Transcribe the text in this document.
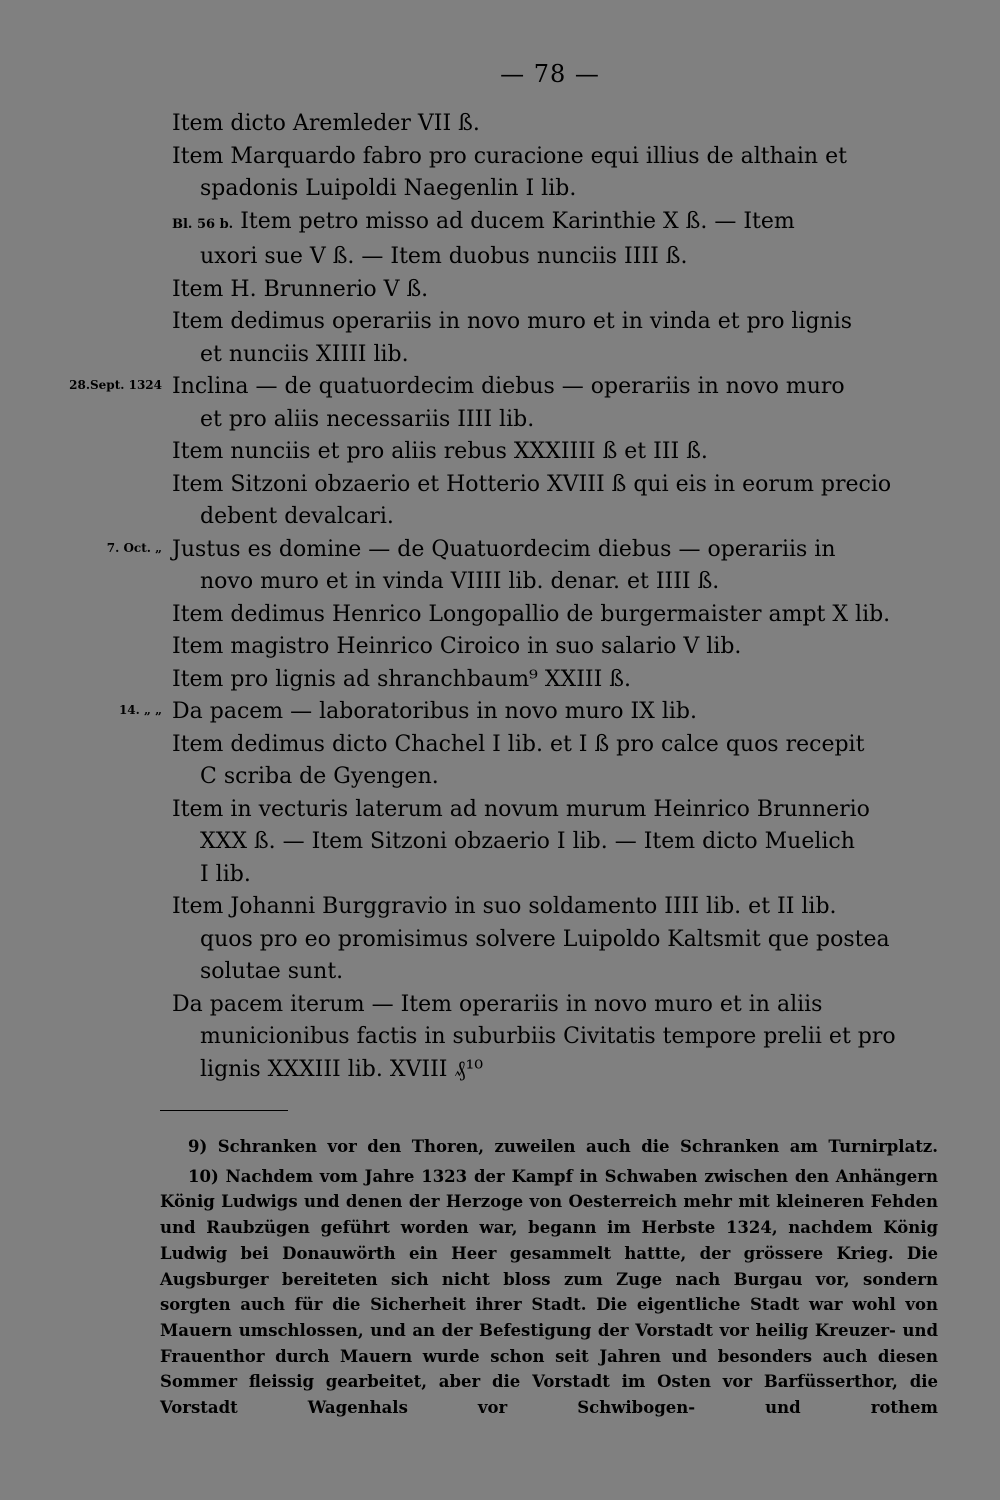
— 78 —

Item dicto Aremleder VII ß.

Item Marquardo fabro pro curacione equi illius de althain et
spadonis Luipoldi Naegenlin I lib.

Bl. 56 b. Item petro misso ad ducem Karinthie X ß. — Item
uxori sue V ß. — Item duobus nunciis IIII ß.

Item H. Brunnerio V ß.

Item dedimus operariis in novo muro et in vinda et pro lignis
et nunciis XIIII lib.

28.Sept. 1324 Inclina — de quatuordecim diebus — operariis in novo muro
et pro aliis necessariis IIII lib.

Item nunciis et pro aliis rebus XXXIIII ß et III ß.

Item Sitzoni obzaerio et Hotterio XVIII ß qui eis in eorum precio
debent devalcari.

7. Oct. „ Justus es domine — de Quatuordecim diebus — operariis in
novo muro et in vinda VIIII lib. denar. et IIII ß.

Item dedimus Henrico Longopallio de burgermaister ampt X lib.

Item magistro Heinrico Ciroico in suo salario V lib.

Item pro lignis ad shranchbaum⁹ XXIII ß.

14. „ „ Da pacem — laboratoribus in novo muro IX lib.

Item dedimus dicto Chachel I lib. et I ß pro calce quos recepit
C scriba de Gyengen.

Item in vecturis laterum ad novum murum Heinrico Brunnerio
XXX ß. — Item Sitzoni obzaerio I lib. — Item dicto Muelich
I lib.

Item Johanni Burggravio in suo soldamento IIII lib. et II lib.
quos pro eo promisimus solvere Luipoldo Kaltsmit que postea
solutae sunt.

Da pacem iterum — Item operariis in novo muro et in aliis
municionibus factis in suburbiis Civitatis tempore prelii et pro
lignis XXXIII lib. XVIII ₰¹⁰

9) Schranken vor den Thoren, zuweilen auch die Schranken am Turnirplatz.

10) Nachdem vom Jahre 1323 der Kampf in Schwaben zwischen den Anhängern König Ludwigs und denen der Herzoge von Oesterreich mehr mit kleineren Fehden und Raubzügen geführt worden war, begann im Herbste 1324, nachdem König Ludwig bei Donauwörth ein Heer gesammelt hattte, der grössere Krieg. Die Augsburger bereiteten sich nicht bloss zum Zuge nach Burgau vor, sondern sorgten auch für die Sicherheit ihrer Stadt. Die eigentliche Stadt war wohl von Mauern umschlossen, und an der Befestigung der Vorstadt vor heilig Kreuzer- und Frauenthor durch Mauern wurde schon seit Jahren und besonders auch diesen Sommer fleissig gearbeitet, aber die Vorstadt im Osten vor Barfüsserthor, die Vorstadt Wagenhals vor Schwibogen- und rothem
